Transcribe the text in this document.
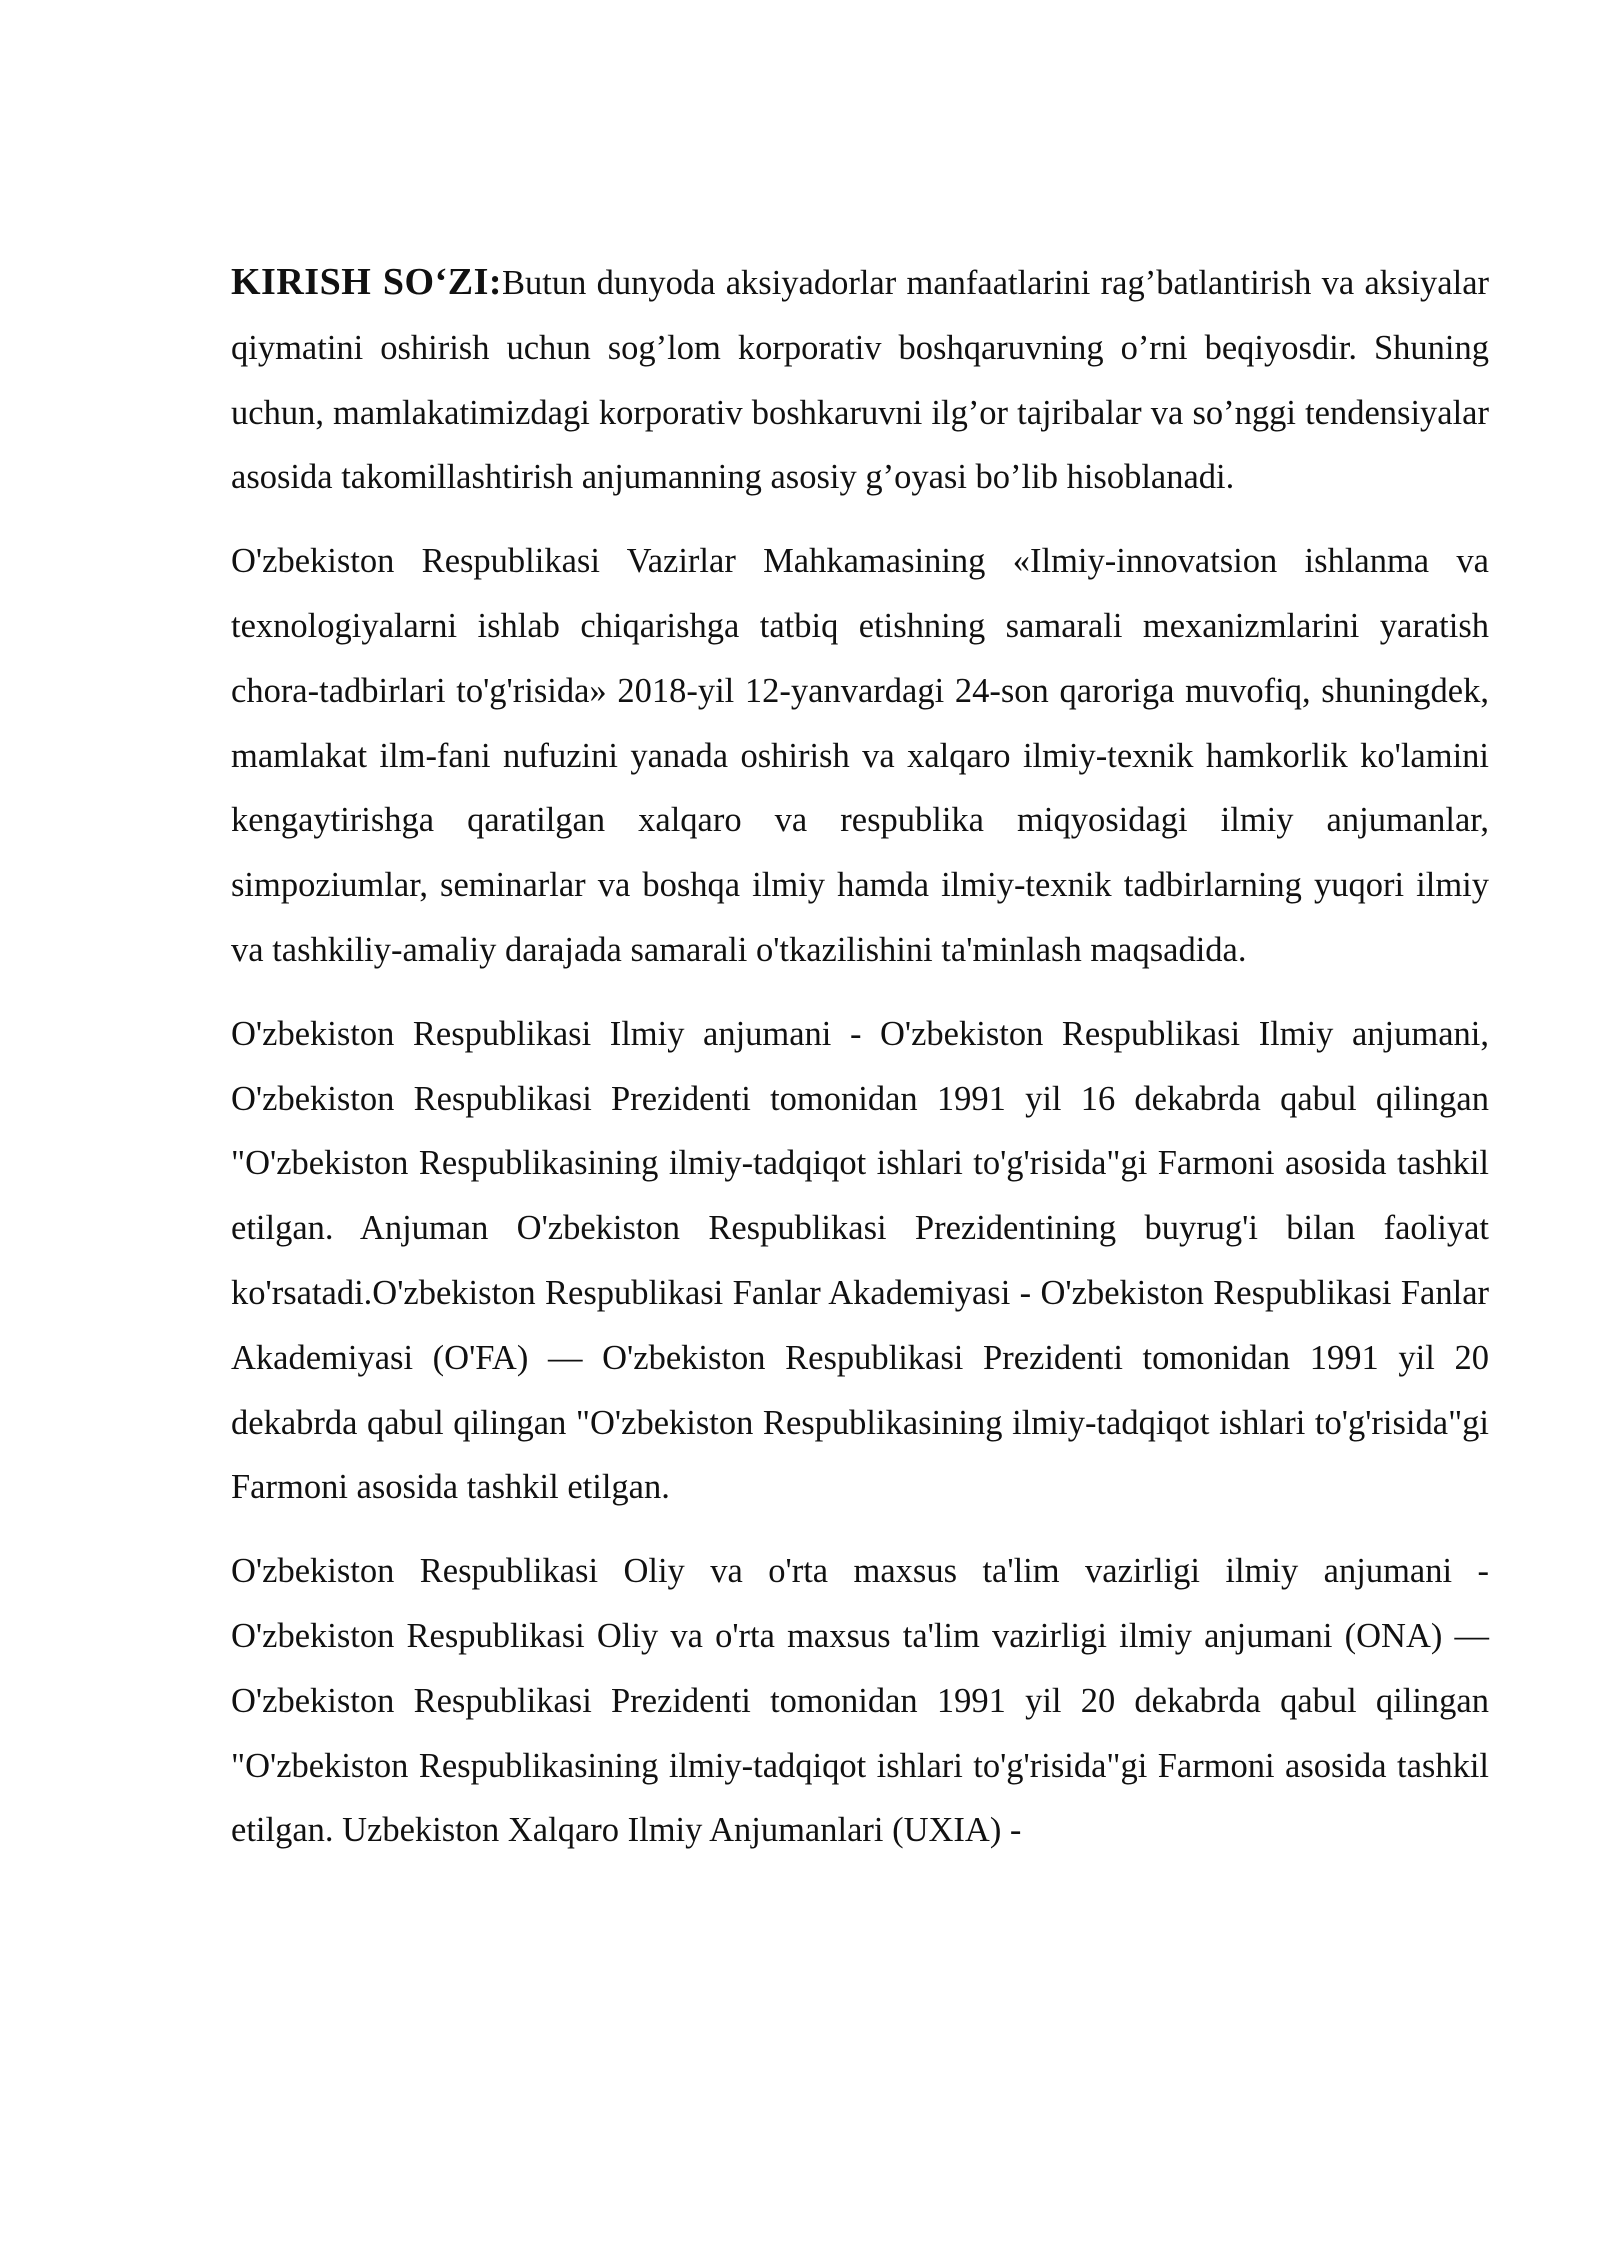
KIRISH SO‘ZI:Butun dunyoda aksiyadorlar manfaatlarini rag’batlantirish va aksiyalar qiymatini oshirish uchun sog’lom korporativ boshqaruvning o’rni beqiyosdir. Shuning uchun, mamlakatimizdagi korporativ boshkaruvni ilg’or tajribalar va so’nggi tendensiyalar asosida takomillashtirish anjumanning asosiy g’oyasi bo’lib hisoblanadi.

O'zbekiston Respublikasi Vazirlar Mahkamasining «Ilmiy-innovatsion ishlanma va texnologiyalarni ishlab chiqarishga tatbiq etishning samarali mexanizmlarini yaratish chora-tadbirlari to'g'risida» 2018-yil 12-yanvardagi 24-son qaroriga muvofiq, shuningdek, mamlakat ilm-fani nufuzini yanada oshirish va xalqaro ilmiy-texnik hamkorlik ko'lamini kengaytirishga qaratilgan xalqaro va respublika miqyosidagi ilmiy anjumanlar, simpoziumlar, seminarlar va boshqa ilmiy hamda ilmiy-texnik tadbirlarning yuqori ilmiy va tashkiliy-amaliy darajada samarali o'tkazilishini ta'minlash maqsadida.

O'zbekiston Respublikasi Ilmiy anjumani - O'zbekiston Respublikasi Ilmiy anjumani, O'zbekiston Respublikasi Prezidenti tomonidan 1991 yil 16 dekabrda qabul qilingan "O'zbekiston Respublikasining ilmiy-tadqiqot ishlari to'g'risida"gi Farmoni asosida tashkil etilgan. Anjuman O'zbekiston Respublikasi Prezidentining buyrug'i bilan faoliyat ko'rsatadi.O'zbekiston Respublikasi Fanlar Akademiyasi - O'zbekiston Respublikasi Fanlar Akademiyasi (O'FA) — O'zbekiston Respublikasi Prezidenti tomonidan 1991 yil 20 dekabrda qabul qilingan "O'zbekiston Respublikasining ilmiy-tadqiqot ishlari to'g'risida"gi Farmoni asosida tashkil etilgan.

O'zbekiston Respublikasi Oliy va o'rta maxsus ta'lim vazirligi ilmiy anjumani - O'zbekiston Respublikasi Oliy va o'rta maxsus ta'lim vazirligi ilmiy anjumani (ONA) — O'zbekiston Respublikasi Prezidenti tomonidan 1991 yil 20 dekabrda qabul qilingan "O'zbekiston Respublikasining ilmiy-tadqiqot ishlari to'g'risida"gi Farmoni asosida tashkil etilgan. Uzbekiston Xalqaro Ilmiy Anjumanlari (UXIA) -
